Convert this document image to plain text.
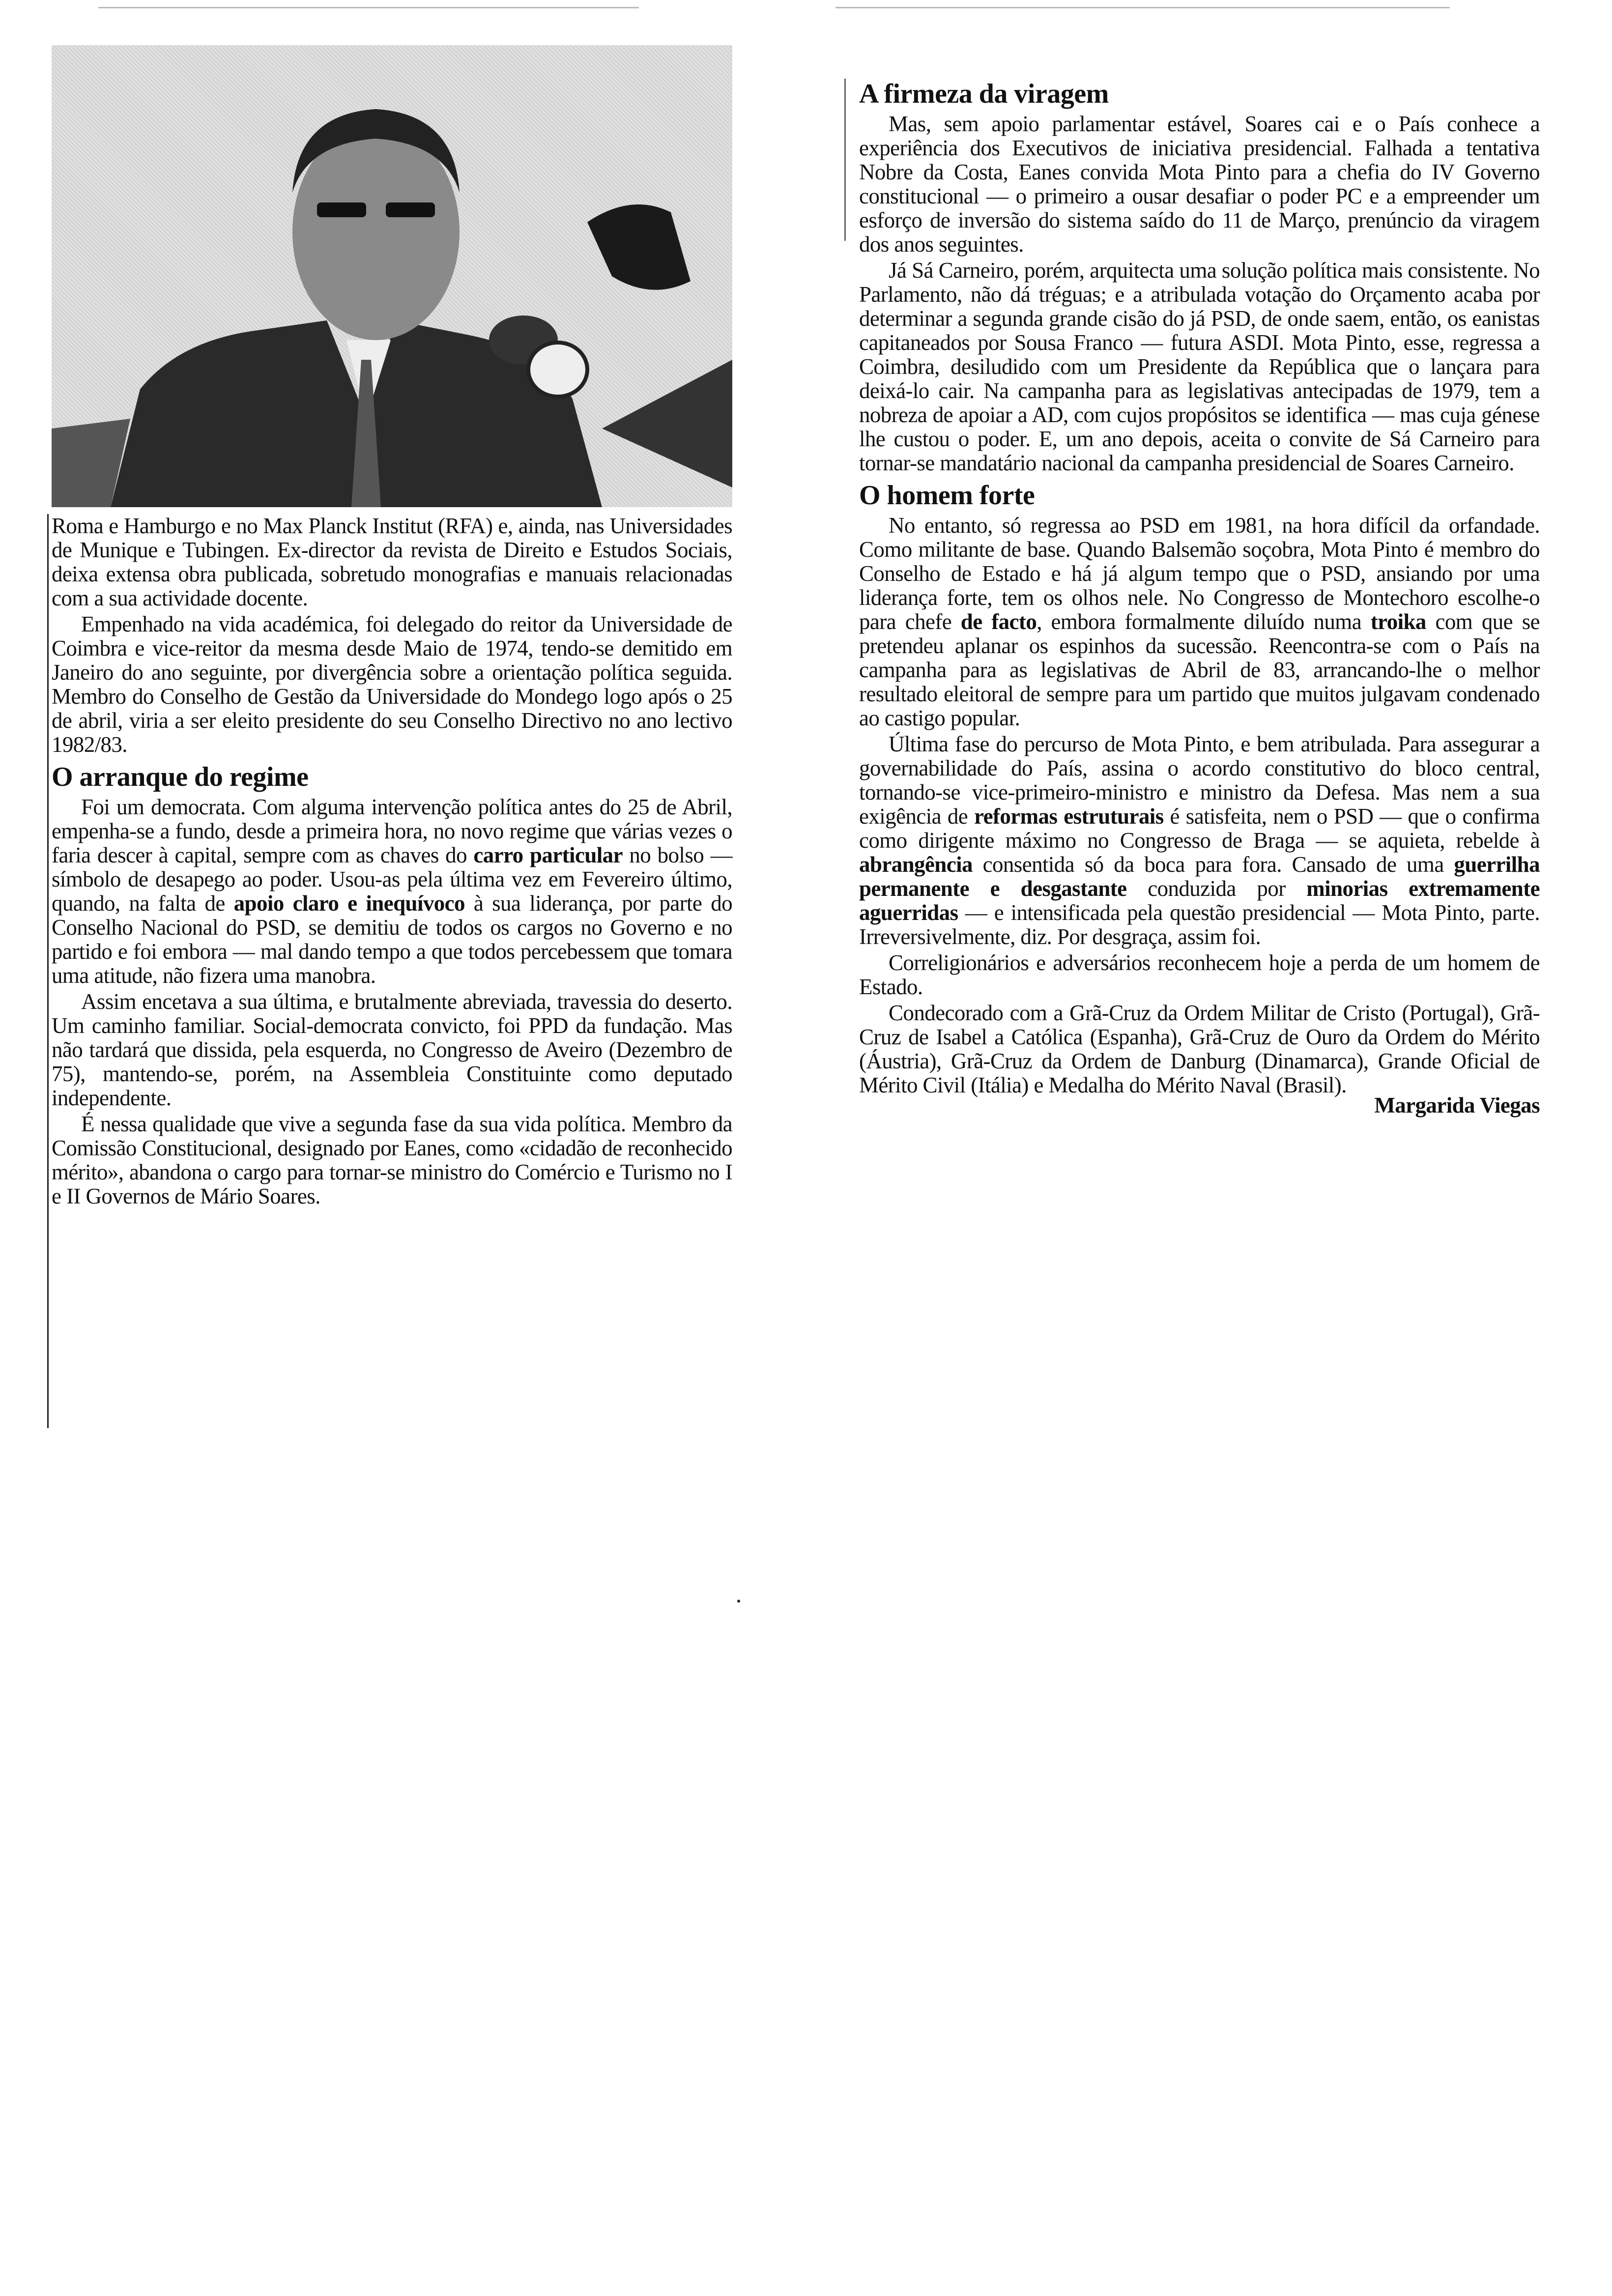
Roma e Hamburgo e no Max Planck Institut (RFA) e, ainda, nas Universidades de Munique e Tubingen. Ex-director da revista de Direito e Estudos Sociais, deixa extensa obra publicada, sobretudo monografias e manuais relacionadas com a sua actividade docente.

Empenhado na vida académica, foi delegado do reitor da Universidade de Coimbra e vice-reitor da mesma desde Maio de 1974, tendo-se demitido em Janeiro do ano seguinte, por divergência sobre a orientação política seguida. Membro do Conselho de Gestão da Universidade do Mondego logo após o 25 de abril, viria a ser eleito presidente do seu Conselho Directivo no ano lectivo 1982/83.

O arranque do regime

Foi um democrata. Com alguma intervenção política antes do 25 de Abril, empenha-se a fundo, desde a primeira hora, no novo regime que várias vezes o faria descer à capital, sempre com as chaves do carro particular no bolso — símbolo de desapego ao poder. Usou-as pela última vez em Fevereiro último, quando, na falta de apoio claro e inequívoco à sua liderança, por parte do Conselho Nacional do PSD, se demitiu de todos os cargos no Governo e no partido e foi embora — mal dando tempo a que todos percebessem que tomara uma atitude, não fizera uma manobra.

Assim encetava a sua última, e brutalmente abreviada, travessia do deserto. Um caminho familiar. Social-democrata convicto, foi PPD da fundação. Mas não tardará que dissida, pela esquerda, no Congresso de Aveiro (Dezembro de 75), mantendo-se, porém, na Assembleia Constituinte como deputado independente.

É nessa qualidade que vive a segunda fase da sua vida política. Membro da Comissão Constitucional, designado por Eanes, como «cidadão de reconhecido mérito», abandona o cargo para tornar-se ministro do Comércio e Turismo no I e II Governos de Mário Soares.

A firmeza da viragem

Mas, sem apoio parlamentar estável, Soares cai e o País conhece a experiência dos Executivos de iniciativa presidencial. Falhada a tentativa Nobre da Costa, Eanes convida Mota Pinto para a chefia do IV Governo constitucional — o primeiro a ousar desafiar o poder PC e a empreender um esforço de inversão do sistema saído do 11 de Março, prenúncio da viragem dos anos seguintes.

Já Sá Carneiro, porém, arquitecta uma solução política mais consistente. No Parlamento, não dá tréguas; e a atribulada votação do Orçamento acaba por determinar a segunda grande cisão do já PSD, de onde saem, então, os eanistas capitaneados por Sousa Franco — futura ASDI. Mota Pinto, esse, regressa a Coimbra, desiludido com um Presidente da República que o lançara para deixá-lo cair. Na campanha para as legislativas antecipadas de 1979, tem a nobreza de apoiar a AD, com cujos propósitos se identifica — mas cuja génese lhe custou o poder. E, um ano depois, aceita o convite de Sá Carneiro para tornar-se mandatário nacional da campanha presidencial de Soares Carneiro.

O homem forte

No entanto, só regressa ao PSD em 1981, na hora difícil da orfandade. Como militante de base. Quando Balsemão soçobra, Mota Pinto é membro do Conselho de Estado e há já algum tempo que o PSD, ansiando por uma liderança forte, tem os olhos nele. No Congresso de Montechoro escolhe-o para chefe de facto, embora formalmente diluído numa troika com que se pretendeu aplanar os espinhos da sucessão. Reencontra-se com o País na campanha para as legislativas de Abril de 83, arrancando-lhe o melhor resultado eleitoral de sempre para um partido que muitos julgavam condenado ao castigo popular.

Última fase do percurso de Mota Pinto, e bem atribulada. Para assegurar a governabilidade do País, assina o acordo constitutivo do bloco central, tornando-se vice-primeiro-ministro e ministro da Defesa. Mas nem a sua exigência de reformas estruturais é satisfeita, nem o PSD — que o confirma como dirigente máximo no Congresso de Braga — se aquieta, rebelde à abrangência consentida só da boca para fora. Cansado de uma guerrilha permanente e desgastante conduzida por minorias extremamente aguerridas — e intensificada pela questão presidencial — Mota Pinto, parte. Irreversivelmente, diz. Por desgraça, assim foi.

Correligionários e adversários reconhecem hoje a perda de um homem de Estado.

Condecorado com a Grã-Cruz da Ordem Militar de Cristo (Portugal), Grã-Cruz de Isabel a Católica (Espanha), Grã-Cruz de Ouro da Ordem do Mérito (Áustria), Grã-Cruz da Ordem de Danburg (Dinamarca), Grande Oficial de Mérito Civil (Itália) e Medalha do Mérito Naval (Brasil).

Margarida Viegas
